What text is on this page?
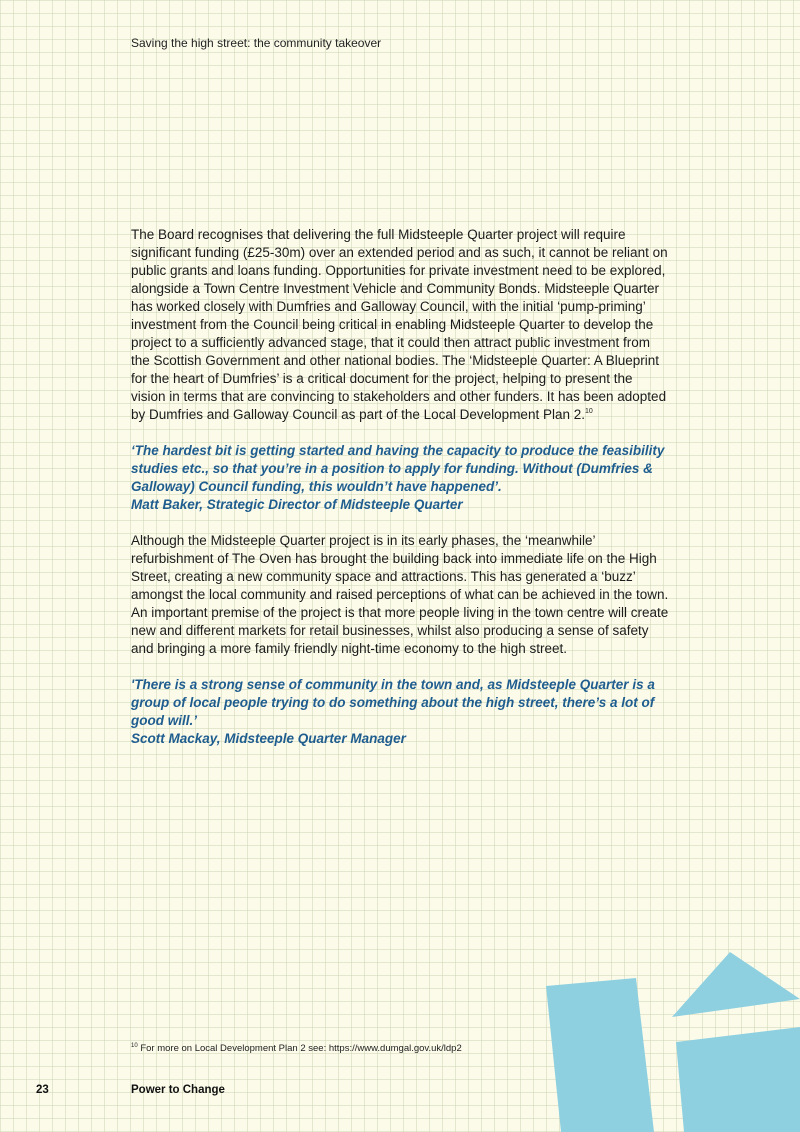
Saving the high street: the community takeover

The Board recognises that delivering the full Midsteeple Quarter project will require significant funding (£25-30m) over an extended period and as such, it cannot be reliant on public grants and loans funding. Opportunities for private investment need to be explored, alongside a Town Centre Investment Vehicle and Community Bonds. Midsteeple Quarter has worked closely with Dumfries and Galloway Council, with the initial ‘pump-priming’ investment from the Council being critical in enabling Midsteeple Quarter to develop the project to a sufficiently advanced stage, that it could then attract public investment from the Scottish Government and other national bodies. The ‘Midsteeple Quarter: A Blueprint for the heart of Dumfries’ is a critical document for the project, helping to present the vision in terms that are convincing to stakeholders and other funders. It has been adopted by Dumfries and Galloway Council as part of the Local Development Plan 2.10

‘The hardest bit is getting started and having the capacity to produce the feasibility studies etc., so that you’re in a position to apply for funding. Without (Dumfries & Galloway) Council funding, this wouldn’t have happened’.
Matt Baker, Strategic Director of Midsteeple Quarter

Although the Midsteeple Quarter project is in its early phases, the ‘meanwhile’ refurbishment of The Oven has brought the building back into immediate life on the High Street, creating a new community space and attractions. This has generated a ‘buzz’ amongst the local community and raised perceptions of what can be achieved in the town. An important premise of the project is that more people living in the town centre will create new and different markets for retail businesses, whilst also producing a sense of safety and bringing a more family friendly night-time economy to the high street.

'There is a strong sense of community in the town and, as Midsteeple Quarter is a group of local people trying to do something about the high street, there’s a lot of good will.’
Scott Mackay, Midsteeple Quarter Manager
$^{10}$ For more on Local Development Plan 2 see: https://www.dumgal.gov.uk/ldp2
23	Power to Change
